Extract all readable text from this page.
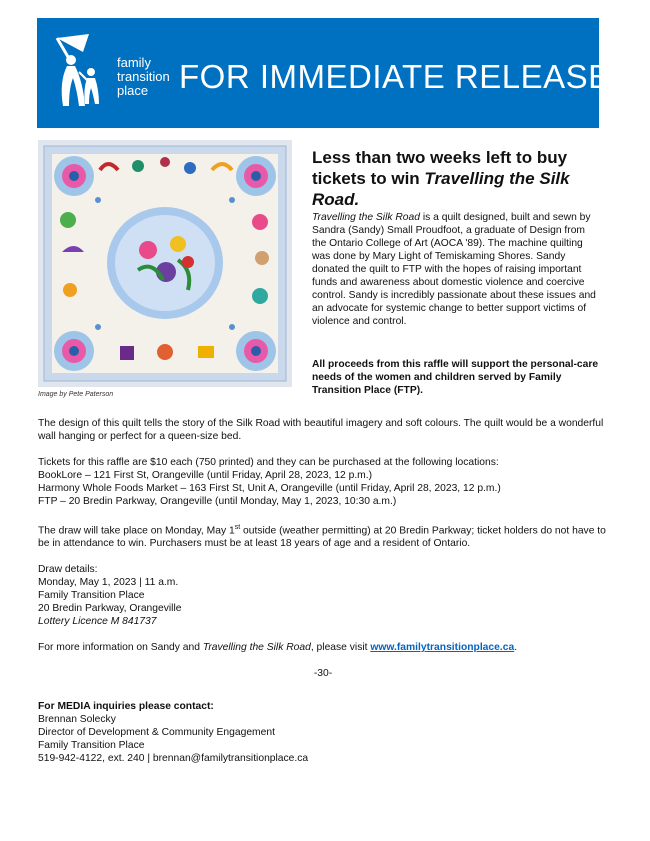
family
transition
place FOR IMMEDIATE RELEASE
Image by Pete Paterson
Less than two weeks left to buy
tickets to win Travelling the Silk Road.
Travelling the Silk Road is a quilt designed, built and sewn by Sandra (Sandy) Small Proudfoot, a graduate of Design from the Ontario College of Art (AOCA '89). The machine quilting was done by Mary Light of Temiskaming Shores. Sandy donated the quilt to FTP with the hopes of raising important funds and awareness about domestic violence and coercive control. Sandy is incredibly passionate about these issues and an advocate for systemic change to better support victims of violence and control.
All proceeds from this raffle will support the personal-care needs of the women and children served by Family Transition Place (FTP).

The design of this quilt tells the story of the Silk Road with beautiful imagery and soft colours. The quilt would be a wonderful wall hanging or perfect for a queen-size bed.

Tickets for this raffle are $10 each (750 printed) and they can be purchased at the following locations:
BookLore – 121 First St, Orangeville (until Friday, April 28, 2023, 12 p.m.)
Harmony Whole Foods Market – 163 First St, Unit A, Orangeville (until Friday, April 28, 2023, 12 p.m.)
FTP – 20 Bredin Parkway, Orangeville (until Monday, May 1, 2023, 10:30 a.m.)

The draw will take place on Monday, May 1st outside (weather permitting) at 20 Bredin Parkway; ticket holders do not have to be in attendance to win. Purchasers must be at least 18 years of age and a resident of Ontario.

Draw details:
Monday, May 1, 2023 | 11 a.m.
Family Transition Place
20 Bredin Parkway, Orangeville
Lottery Licence M 841737

For more information on Sandy and Travelling the Silk Road, please visit www.familytransitionplace.ca.

-30-

For MEDIA inquiries please contact:
Brennan Solecky
Director of Development & Community Engagement
Family Transition Place
519-942-4122, ext. 240 | brennan@familytransitionplace.ca
